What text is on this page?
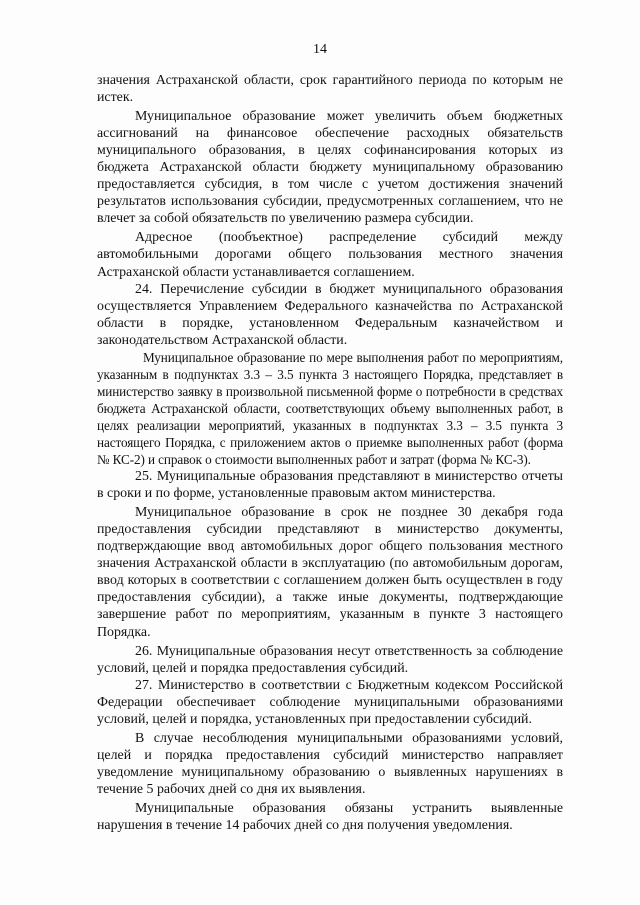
14

значения Астраханской области, срок гарантийного периода по которым не истек.

Муниципальное образование может увеличить объем бюджетных ассигнований на финансовое обеспечение расходных обязательств муниципального образования, в целях софинансирования которых из бюджета Астраханской области бюджету муниципальному образованию предоставляется субсидия, в том числе с учетом достижения значений результатов использования субсидии, предусмотренных соглашением, что не влечет за собой обязательств по увеличению размера субсидии.

Адресное (пообъектное) распределение субсидий между автомобильными дорогами общего пользования местного значения Астраханской области устанавливается соглашением.

24. Перечисление субсидии в бюджет муниципального образования осуществляется Управлением Федерального казначейства по Астраханской области в порядке, установленном Федеральным казначейством и законодательством Астраханской области.

Муниципальное образование по мере выполнения работ по мероприятиям, указанным в подпунктах 3.3 – 3.5 пункта 3 настоящего Порядка, представляет в министерство заявку в произвольной письменной форме о потребности в средствах бюджета Астраханской области, соответствующих объему выполненных работ, в целях реализации мероприятий, указанных в подпунктах 3.3 – 3.5 пункта 3 настоящего Порядка, с приложением актов о приемке выполненных работ (форма № КС-2) и справок о стоимости выполненных работ и затрат (форма № КС-3).

25. Муниципальные образования представляют в министерство отчеты в сроки и по форме, установленные правовым актом министерства.

Муниципальное образование в срок не позднее 30 декабря года предоставления субсидии представляют в министерство документы, подтверждающие ввод автомобильных дорог общего пользования местного значения Астраханской области в эксплуатацию (по автомобильным дорогам, ввод которых в соответствии с соглашением должен быть осуществлен в году предоставления субсидии), а также иные документы, подтверждающие завершение работ по мероприятиям, указанным в пункте 3 настоящего Порядка.

26. Муниципальные образования несут ответственность за соблюдение условий, целей и порядка предоставления субсидий.

27. Министерство в соответствии с Бюджетным кодексом Российской Федерации обеспечивает соблюдение муниципальными образованиями условий, целей и порядка, установленных при предоставлении субсидий.

В случае несоблюдения муниципальными образованиями условий, целей и порядка предоставления субсидий министерство направляет уведомление муниципальному образованию о выявленных нарушениях в течение 5 рабочих дней со дня их выявления.

Муниципальные образования обязаны устранить выявленные нарушения в течение 14 рабочих дней со дня получения уведомления.
